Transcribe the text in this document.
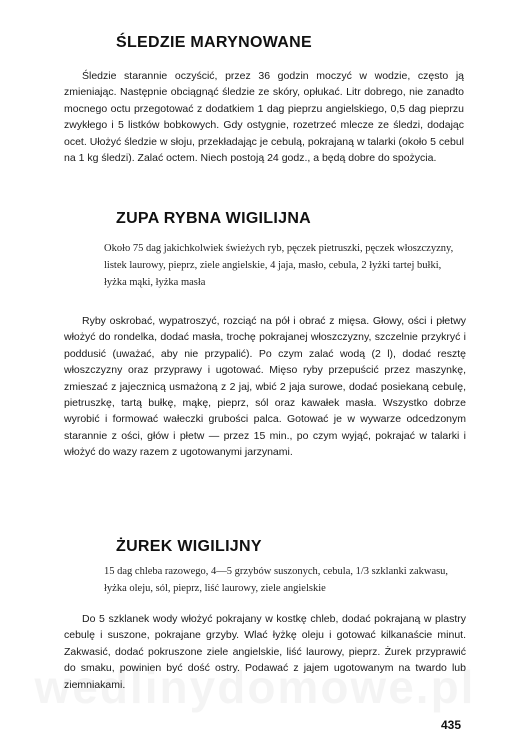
ŚLEDZIE MARYNOWANE

Śledzie starannie oczyścić, przez 36 godzin moczyć w wodzie, często ją zmieniając. Następnie obciągnąć śledzie ze skóry, opłukać. Litr dobrego, nie zanadto mocnego octu przegotować z dodatkiem 1 dag pieprzu angielskiego, 0,5 dag pieprzu zwykłego i 5 listków bobkowych. Gdy ostygnie, rozetrzeć mlecze ze śledzi, dodając ocet. Ułożyć śledzie w słoju, przekładając je cebulą, pokrajaną w talarki (około 5 cebul na 1 kg śledzi). Zalać octem. Niech postoją 24 godz., a będą dobre do spożycia.

ZUPA RYBNA WIGILIJNA

Około 75 dag jakichkolwiek świeżych ryb, pęczek pietruszki, pęczek włoszczyzny, listek laurowy, pieprz, ziele angielskie, 4 jaja, masło, cebula, 2 łyżki tartej bułki, łyżka mąki, łyżka masła

Ryby oskrobać, wypatroszyć, rozciąć na pół i obrać z mięsa. Głowy, ości i płetwy włożyć do rondelka, dodać masła, trochę pokrajanej włoszczyzny, szczelnie przykryć i poddusić (uważać, aby nie przypalić). Po czym zalać wodą (2 l), dodać resztę włoszczyzny oraz przyprawy i ugotować. Mięso ryby przepuścić przez maszynkę, zmieszać z jajecznicą usmażoną z 2 jaj, wbić 2 jaja surowe, dodać posiekaną cebulę, pietruszkę, tartą bułkę, mąkę, pieprz, sól oraz kawałek masła. Wszystko dobrze wyrobić i formować wałeczki grubości palca. Gotować je w wywarze odcedzonym starannie z ości, głów i płetw — przez 15 min., po czym wyjąć, pokrajać w talarki i włożyć do wazy razem z ugotowanymi jarzynami.

ŻUREK WIGILIJNY

15 dag chleba razowego, 4—5 grzybów suszonych, cebula, 1/3 szklanki zakwasu, łyżka oleju, sól, pieprz, liść laurowy, ziele angielskie

Do 5 szklanek wody włożyć pokrajany w kostkę chleb, dodać pokrajaną w plastry cebulę i suszone, pokrajane grzyby. Wlać łyżkę oleju i gotować kilkanaście minut. Zakwasić, dodać pokruszone ziele angielskie, liść laurowy, pieprz. Żurek przyprawić do smaku, powinien być dość ostry. Podawać z jajem ugotowanym na twardo lub ziemniakami.

435
